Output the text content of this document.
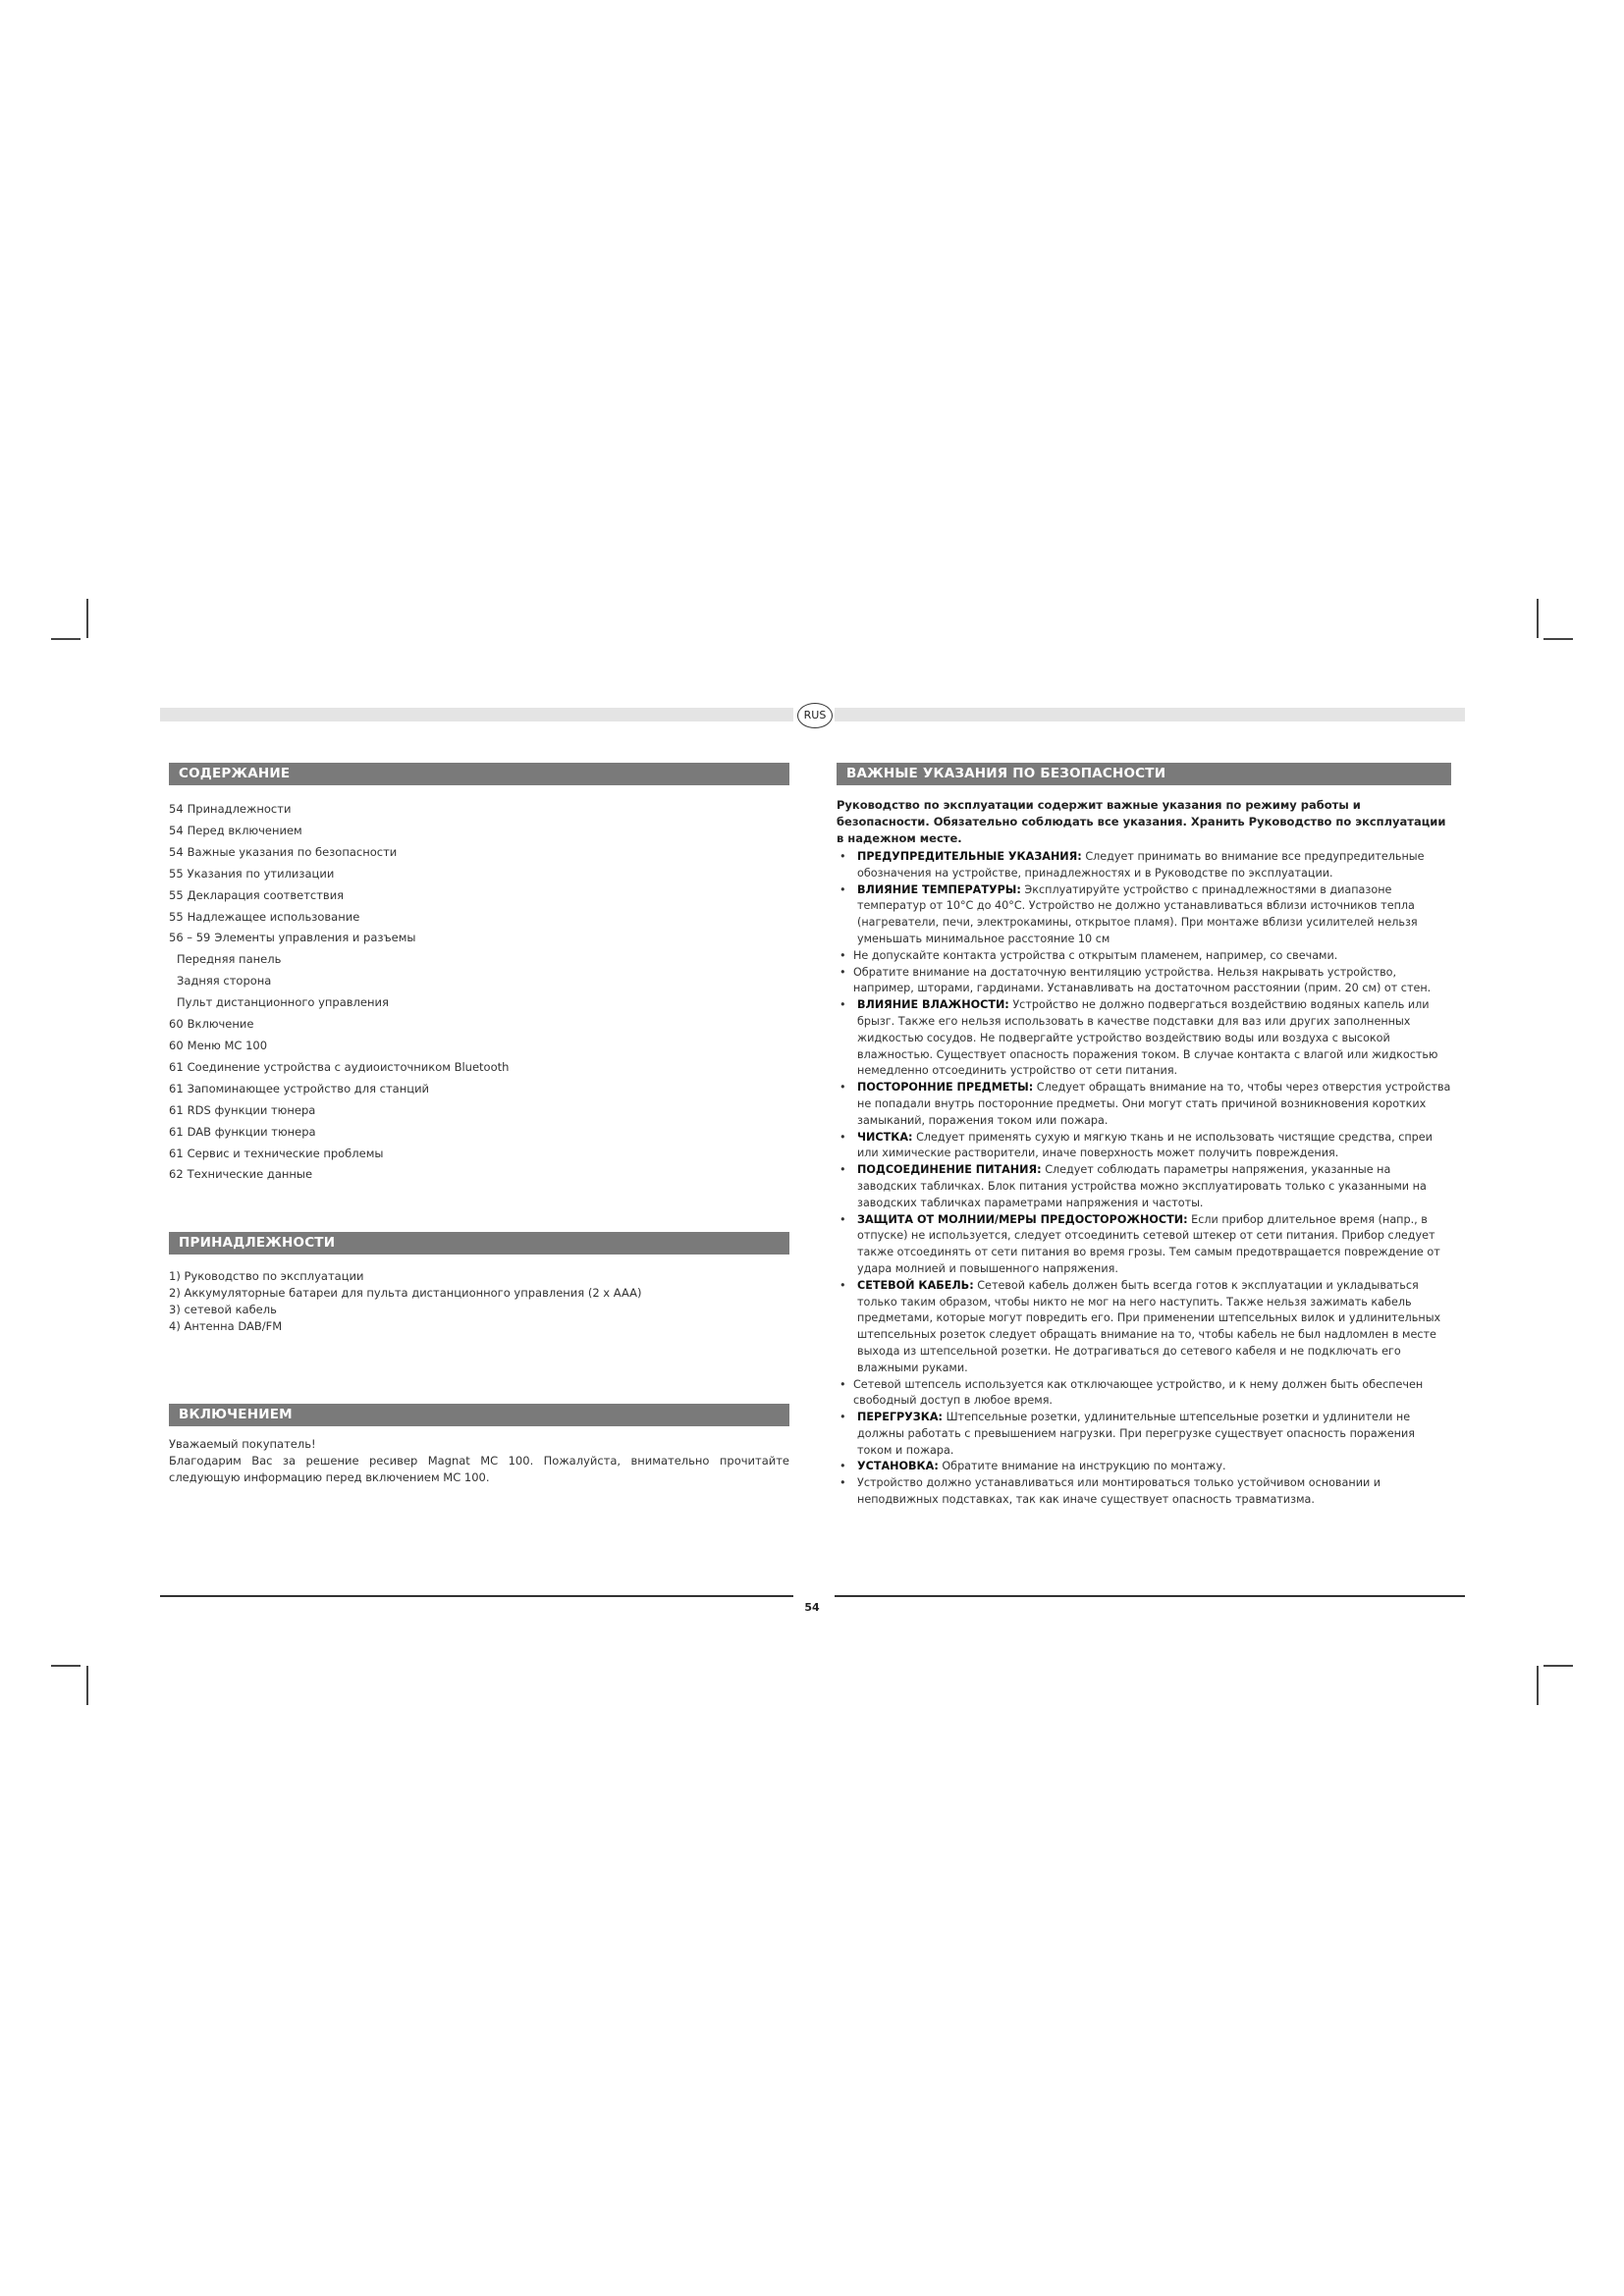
RUS
СОДЕРЖАНИЕ
54 Принадлежности
54 Перед включением
54 Важные указания по безопасности
55 Указания по утилизации
55 Декларация соответствия
55 Надлежащее использование
56 – 59 Элементы управления и разъемы
Передняя панель
Задняя сторона
Пульт дистанционного управления
60 Включение
60 Меню MC 100
61 Соединение устройства с аудиоисточником Bluetooth
61 Запоминающее устройство для станций
61 RDS функции тюнера
61 DAB функции тюнера
61 Сервис и технические проблемы
62 Технические данные
ПРИНАДЛЕЖНОСТИ
1) Руководство по эксплуатации
2) Аккумуляторные батареи для пульта дистанционного управления (2 x AAA)
3) сетевой кабель
4) Антенна DAB/FM
ВКЛЮЧЕНИЕМ
Уважаемый покупатель!
Благодарим Вас за решение ресивер Magnat MC 100. Пожалуйста, внимательно прочитайте следующую информацию перед включением MC 100.
ВАЖНЫЕ УКАЗАНИЯ ПО БЕЗОПАСНОСТИ
Руководство по эксплуатации содержит важные указания по режиму работы и безопасности. Обязательно соблюдать все указания. Хранить Руководство по эксплуатации в надежном месте.
• ПРЕДУПРЕДИТЕЛЬНЫЕ УКАЗАНИЯ: Следует принимать во внимание все предупредительные обозначения на устройстве, принадлежностях и в Руководстве по эксплуатации.
• ВЛИЯНИЕ ТЕМПЕРАТУРЫ: Эксплуатируйте устройство с принадлежностями в диапазоне температур от 10°C до 40°C. Устройство не должно устанавливаться вблизи источников тепла (нагреватели, печи, электрокамины, открытое пламя). При монтаже вблизи усилителей нельзя уменьшать минимальное расстояние 10 см
• Не допускайте контакта устройства с открытым пламенем, например, со свечами.
• Обратите внимание на достаточную вентиляцию устройства. Нельзя накрывать устройство, например, шторами, гардинами. Устанавливать на достаточном расстоянии (прим. 20 см) от стен.
• ВЛИЯНИЕ ВЛАЖНОСТИ: Устройство не должно подвергаться воздействию водяных капель или брызг. Также его нельзя использовать в качестве подставки для ваз или других заполненных жидкостью сосудов. Не подвергайте устройство воздействию воды или воздуха с высокой влажностью. Существует опасность поражения током. В случае контакта с влагой или жидкостью немедленно отсоединить устройство от сети питания.
• ПОСТОРОННИЕ ПРЕДМЕТЫ: Следует обращать внимание на то, чтобы через отверстия устройства не попадали внутрь посторонние предметы. Они могут стать причиной возникновения коротких замыканий, поражения током или пожара.
• ЧИСТКА: Следует применять сухую и мягкую ткань и не использовать чистящие средства, спреи или химические растворители, иначе поверхность может получить повреждения.
• ПОДСОЕДИНЕНИЕ ПИТАНИЯ: Следует соблюдать параметры напряжения, указанные на заводских табличках. Блок питания устройства можно эксплуатировать только с указанными на заводских табличках параметрами напряжения и частоты.
• ЗАЩИТА ОТ МОЛНИИ/МЕРЫ ПРЕДОСТОРОЖНОСТИ: Если прибор длительное время (напр., в отпуске) не используется, следует отсоединить сетевой штекер от сети питания. Прибор следует также отсоединять от сети питания во время грозы. Тем самым предотвращается повреждение от удара молнией и повышенного напряжения.
• СЕТЕВОЙ КАБЕЛЬ: Сетевой кабель должен быть всегда готов к эксплуатации и укладываться только таким образом, чтобы никто не мог на него наступить. Также нельзя зажимать кабель предметами, которые могут повредить его. При применении штепсельных вилок и удлинительных штепсельных розеток следует обращать внимание на то, чтобы кабель не был надломлен в месте выхода из штепсельной розетки. Не дотрагиваться до сетевого кабеля и не подключать его влажными руками.
• Сетевой штепсель используется как отключающее устройство, и к нему должен быть обеспечен свободный доступ в любое время.
• ПЕРЕГРУЗКА: Штепсельные розетки, удлинительные штепсельные розетки и удлинители не должны работать с превышением нагрузки. При перегрузке существует опасность поражения током и пожара.
• УСТАНОВКА: Обратите внимание на инструкцию по монтажу.
• Устройство должно устанавливаться или монтироваться только устойчивом основании и неподвижных подставках, так как иначе существует опасность травматизма.
54
